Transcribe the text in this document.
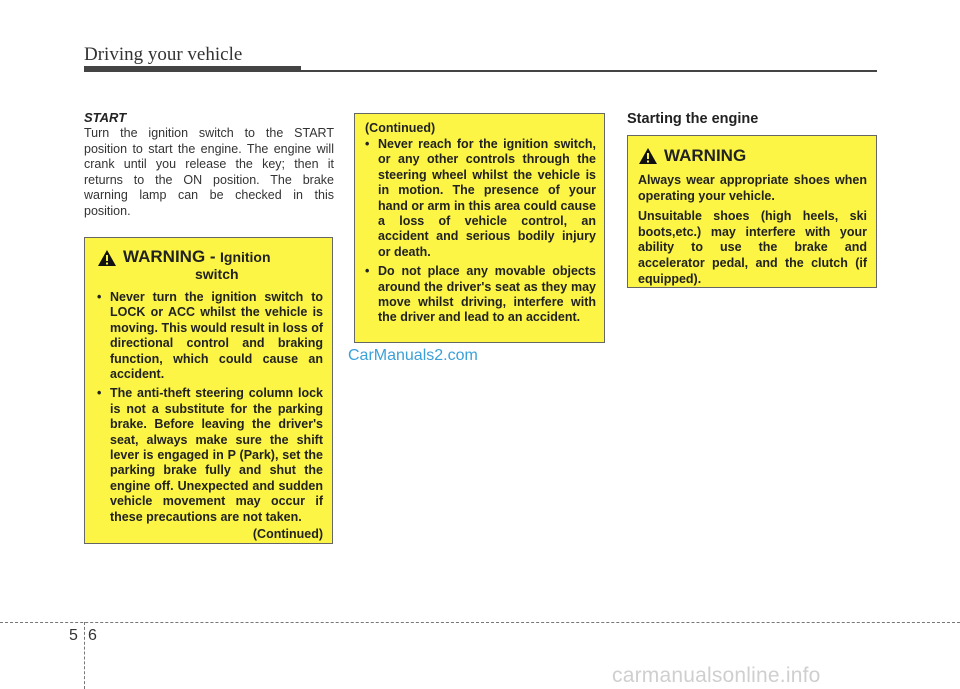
Driving your vehicle
START

Turn the ignition switch to the START position to start the engine. The engine will crank until you release the key; then it returns to the ON position. The brake warning lamp can be checked in this position.

WARNING - Ignition
switch
• Never turn the ignition switch to LOCK or ACC whilst the vehicle is moving. This would result in loss of directional control and braking function, which could cause an accident.
• The anti-theft steering column lock is not a substitute for the parking brake. Before leaving the driver's seat, always make sure the shift lever is engaged in P (Park), set the parking brake fully and shut the engine off. Unexpected and sudden vehicle movement may occur if these precautions are not taken.
(Continued)
(Continued)
• Never reach for the ignition switch, or any other controls through the steering wheel whilst the vehicle is in motion. The presence of your hand or arm in this area could cause a loss of vehicle control, an accident and serious bodily injury or death.
• Do not place any movable objects around the driver's seat as they may move whilst driving, interfere with the driver and lead to an accident.
CarManuals2.com
Starting the engine
WARNING

Always wear appropriate shoes when operating your vehicle.

Unsuitable shoes (high heels, ski boots,etc.) may interfere with your ability to use the brake and accelerator pedal, and the clutch (if equipped).

5 6
carmanualsonline.info
